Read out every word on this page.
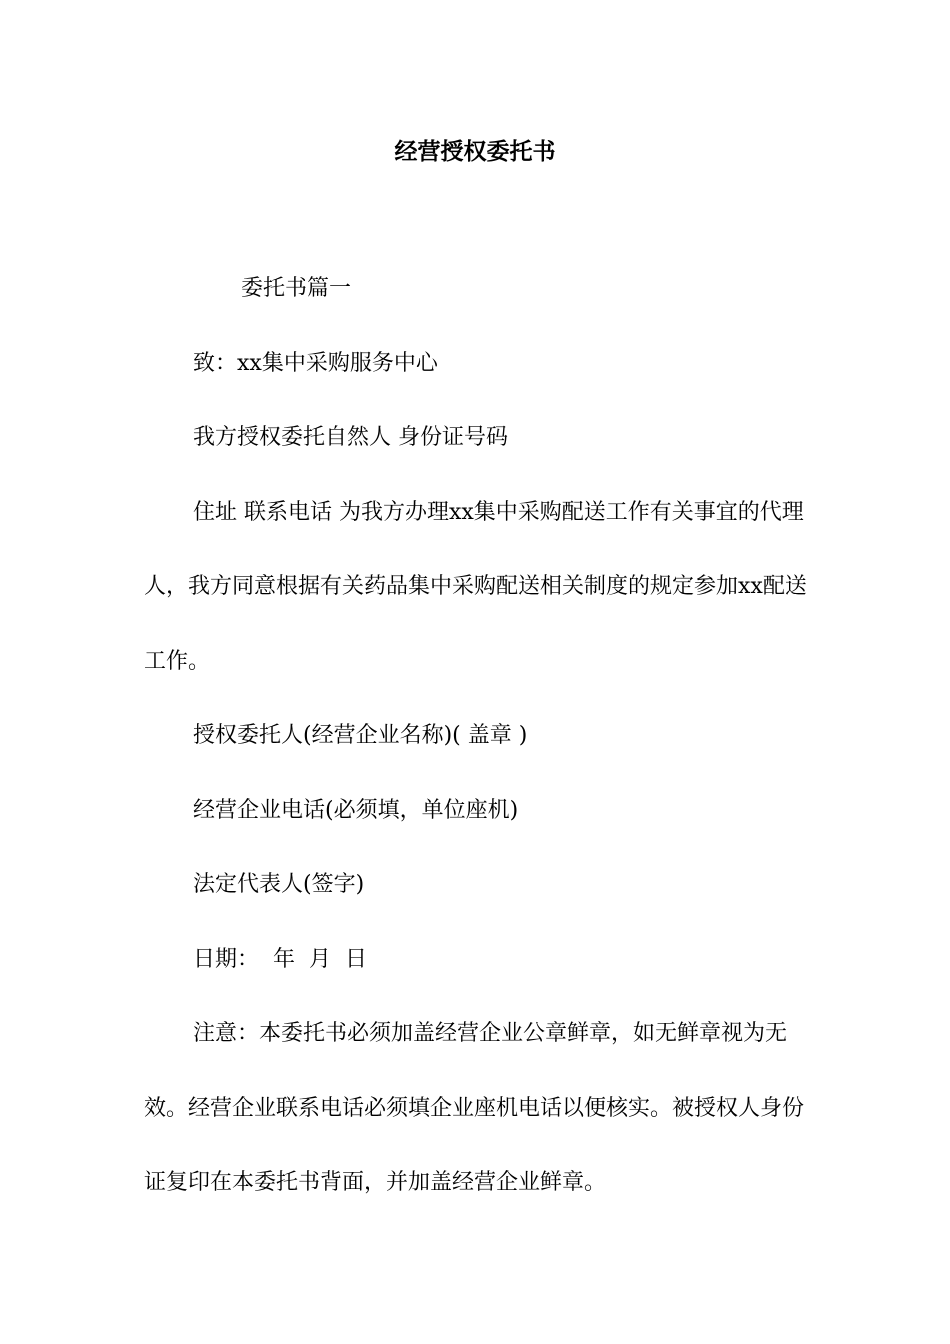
经营授权委托书

委托书篇一

致：xx集中采购服务中心

我方授权委托自然人 身份证号码

住址 联系电话 为我方办理xx集中采购配送工作有关事宜的代理人，我方同意根据有关药品集中采购配送相关制度的规定参加xx配送工作。

授权委托人(经营企业名称)( 盖章 )

经营企业电话(必须填，单位座机)

法定代表人(签字)

日期：  年  月  日

注意：本委托书必须加盖经营企业公章鲜章，如无鲜章视为无效。经营企业联系电话必须填企业座机电话以便核实。被授权人身份证复印在本委托书背面，并加盖经营企业鲜章。
